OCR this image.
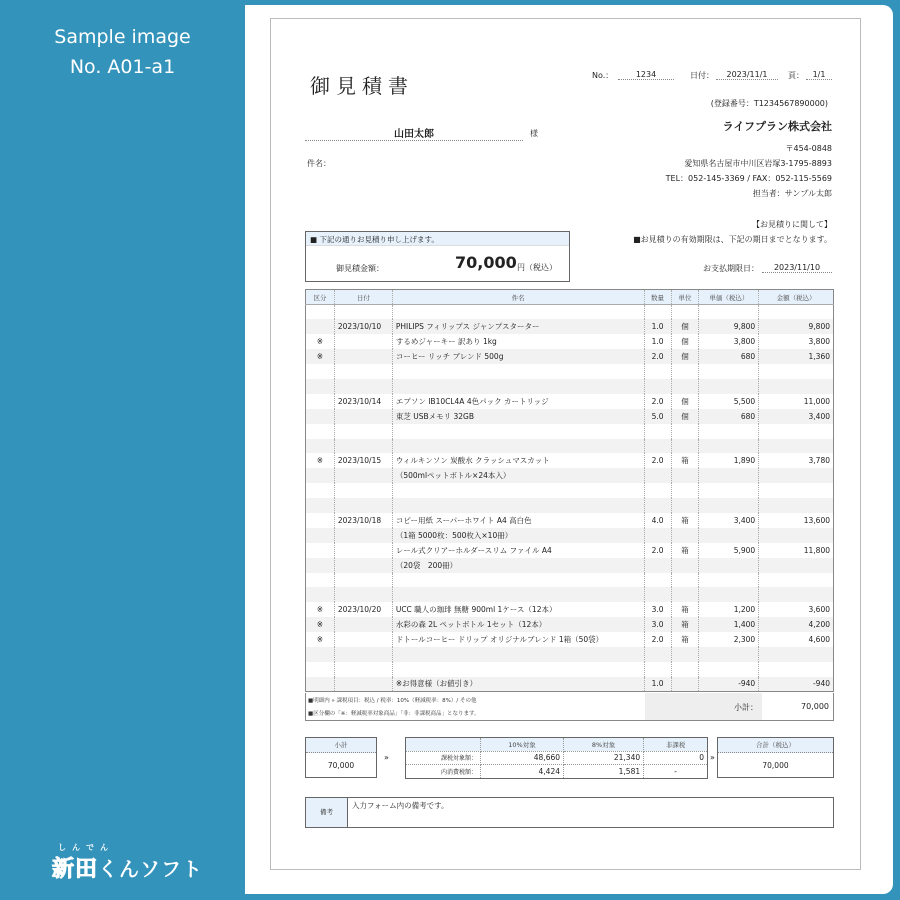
Sample image
No. A01-a1
しんでん
新田くんソフト
御見積書	No.：	1234	日付：	2023/11/1	頁：	1/1
(登録番号：T1234567890000)
ライフプラン株式会社
〒454-0848
愛知県名古屋市中川区岩塚3-1795-8893
TEL：052-145-3369 / FAX：052-115-5569
担当者：サンプル太郎
山田太郎	様
件名：
【お見積りに関して】
■お見積りの有効期限は、下記の期日までとなります。
お支払期限日：	2023/11/10
■ 下記の通りお見積り申し上げます。
御見積金額：	70,000 円（税込）
区分	日付	件名	数量	単位	単価（税込）	金額（税込）

	2023/10/10	PHILIPS フィリップス ジャンプスターター	1.0	個	9,800	9,800
※		するめジャーキー 訳あり 1kg	1.0	個	3,800	3,800
※		コーヒー リッチ ブレンド 500g	2.0	個	680	1,360

	2023/10/14	エプソン IB10CL4A 4色パック カートリッジ	2.0	個	5,500	11,000
		東芝 USBメモリ 32GB	5.0	個	680	3,400

※	2023/10/15	ウィルキンソン 炭酸水 クラッシュマスカット	2.0	箱	1,890	3,780
		（500mlペットボトル×24本入）				

	2023/10/18	コピー用紙 スーパーホワイト A4 高白色	4.0	箱	3,400	13,600
		（1箱 5000枚：500枚入×10冊）				
		レール式クリアーホルダースリム ファイル A4	2.0	箱	5,900	11,800
		（20袋　200冊）				

※	2023/10/20	UCC 職人の珈琲 無糖 900ml 1ケース（12本）	3.0	箱	1,200	3,600
※		水彩の森 2L ペットボトル 1セット（12本）	3.0	箱	1,400	4,200
※		ドトールコーヒー ドリップ オリジナルブレンド 1箱（50袋）	2.0	箱	2,300	4,600

		※お得意様（お値引き）	1.0		-940	-940
■明細内 » 課税項目：税込 / 税率：10%（軽減税率：8%）/ その他
■区分欄の「※：軽減税率対象商品」「非：非課税商品」となります。
小計：	70,000
小計
70,000
»
	10%対象	8%対象	非課税
課税対象額：	48,660	21,340	0
内消費税額：	4,424	1,581	-
»
合計（税込）
70,000
備考
入力フォーム内の備考です。
